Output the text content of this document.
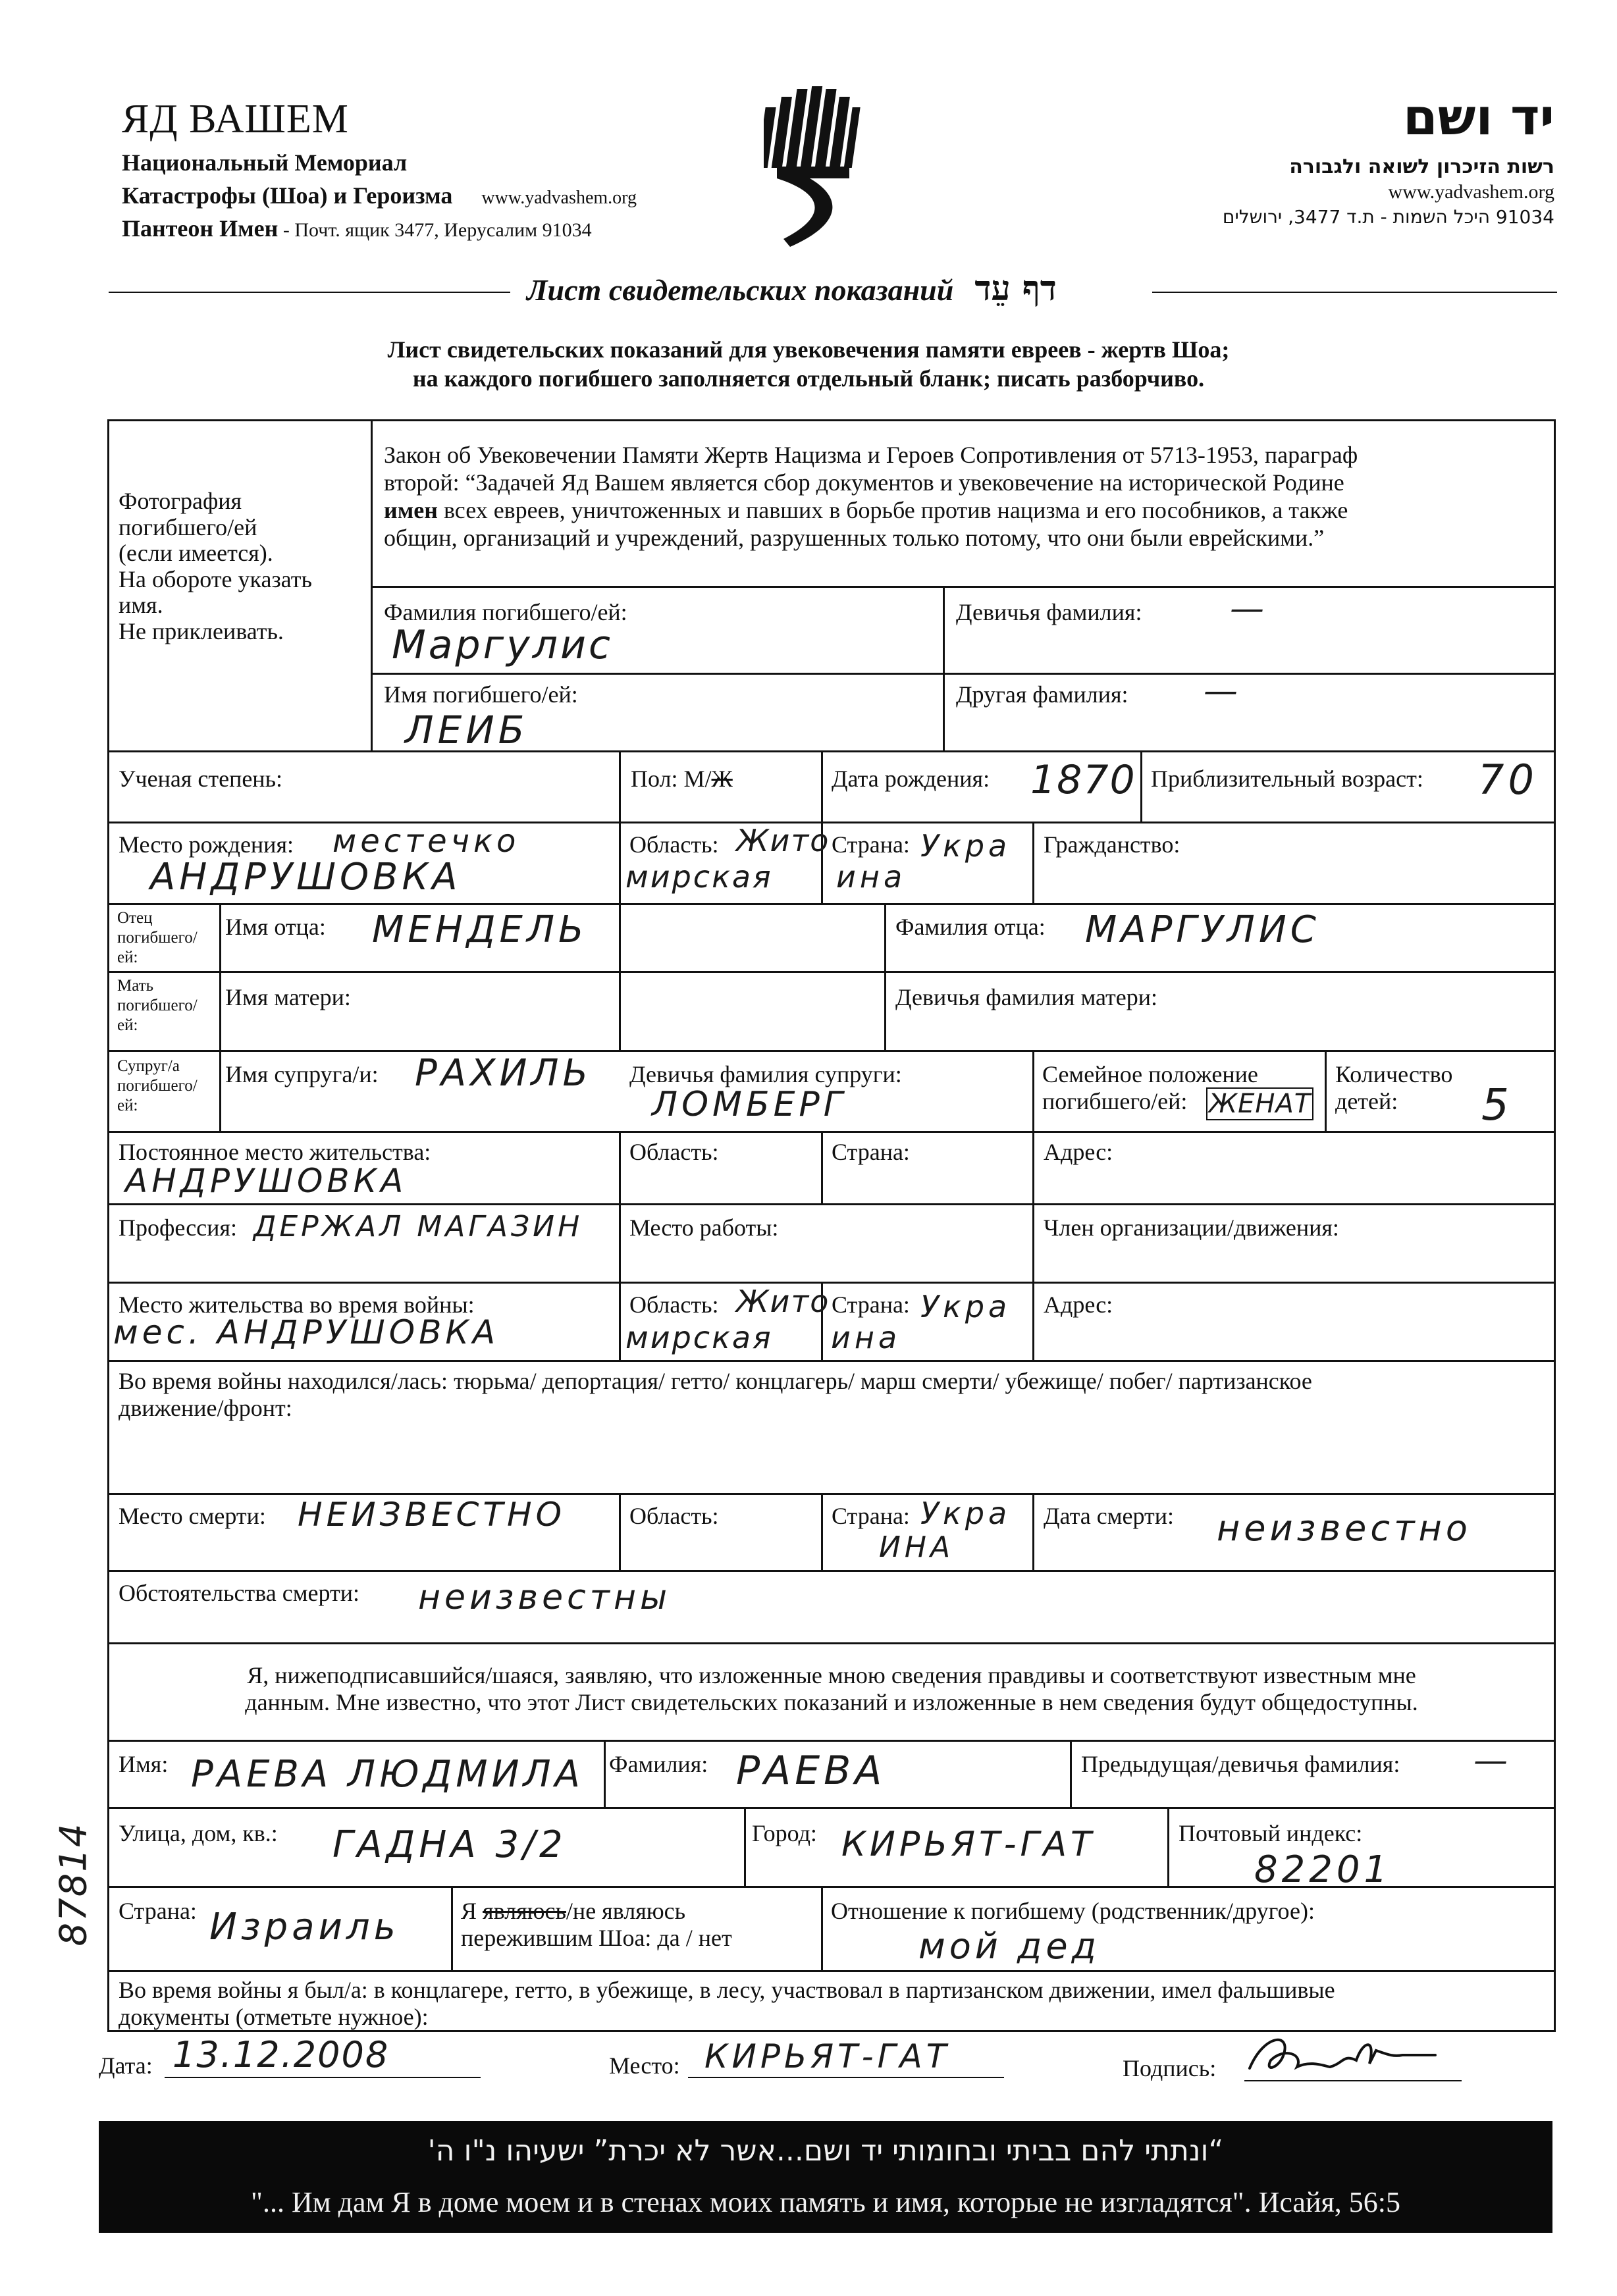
ЯД ВАШЕМ
Национальный Мемориал
Катастрофы (Шоа) и Героизма www.yadvashem.org
Пантеон Имен - Почт. ящик 3477, Иерусалим 91034
יד ושם
רשות הזיכרון לשואה ולגבורה
www.yadvashem.org
91034 היכל השמות - ת.ד 3477, ירושלים
Лист свидетельских показаний דף עֵד
Лист свидетельских показаний для увековечения памяти евреев - жертв Шоа;
на каждого погибшего заполняется отдельный бланк; писать разборчиво.
Фотография
погибшего/ей
(если имеется).
На обороте указать
имя.
Не приклеивать.
Закон об Увековечении Памяти Жертв Нацизма и Героев Сопротивления от 5713-1953, параграф
второй: “Задачей Яд Вашем является сбор документов и увековечение на исторической Родине
имен всех евреев, уничтоженных и павших в борьбе против нацизма и его пособников, а также
общин, организаций и учреждений, разрушенных только потому, что они были еврейскими.”
Фамилия погибшего/ей:
Маргулис
Девичья фамилия:	—
Имя погибшего/ей:
ЛЕИБ
Другая фамилия: —
Ученая степень:	Пол: М/Ж	Дата рождения: 1870 Приблизительный возраст: 70
Место рождения: местечко
АНДРУШОВКА
Область: Жито
мирская
Страна: Укра
ина
Гражданство:
Отец погибшего/ей:
Имя отца: МЕНДЕЛЬ	Фамилия отца: МАРГУЛИС
Мать погибшего/ей:
Имя матери:	Девичья фамилия матери:
Супруг/а погибшего/ей:
Имя супруга/и: РАХИЛЬ Девичья фамилия супруги:
ЛОМБЕРГ
Семейное положение
погибшего/ей: ЖЕНАТ
Количество
детей:	5
Постоянное место жительства:
АНДРУШОВКА
Область:	Страна:	Адрес:
Профессия: ДЕРЖАЛ МАГАЗИН Место работы:	Член организации/движения:
Место жительства во время войны:
мес. АНДРУШОВКА
Область: Жито
мирская
Страна: Укра
ина
Адрес:
Во время войны находился/лась: тюрьма/ депортация/ гетто/ концлагерь/ марш смерти/ убежище/ побег/ партизанское
движение/фронт:
Место смерти: НЕИЗВЕСТНО	Область:	Страна: Укра
ИНА
Дата смерти: неизвестно
Обстоятельства смерти: неизвестны
Я, нижеподписавшийся/шаяся, заявляю, что изложенные мною сведения правдивы и соответствуют известным мне
данным. Мне известно, что этот Лист свидетельских показаний и изложенные в нем сведения будут общедоступны.
Имя: РАЕВА ЛЮДМИЛА Фамилия: РАЕВА	Предыдущая/девичья фамилия: —
Улица, дом, кв.: ГАДНА 3/2	Город: КИРЬЯТ-ГАТ	Почтовый индекс:
82201
Страна: Израиль	Я являюсь/не являюсь
пережившим Шоа: да / нет
Отношение к погибшему (родственник/другое):
мой дед
Во время войны я был/а: в концлагере, гетто, в убежище, в лесу, участвовал в партизанском движении, имел фальшивые
документы (отметьте нужное):
87814
Дата: 13.12.2008	Место: КИРЬЯТ-ГАТ	Подпись:
“ונתתי להם בביתי ובחומותי יד ושם...אשר לא יכרת” ישעיהו נ"ו ה'
"... Им дам Я в доме моем и в стенах моих память и имя, которые не изгладятся". Исайя, 56:5
